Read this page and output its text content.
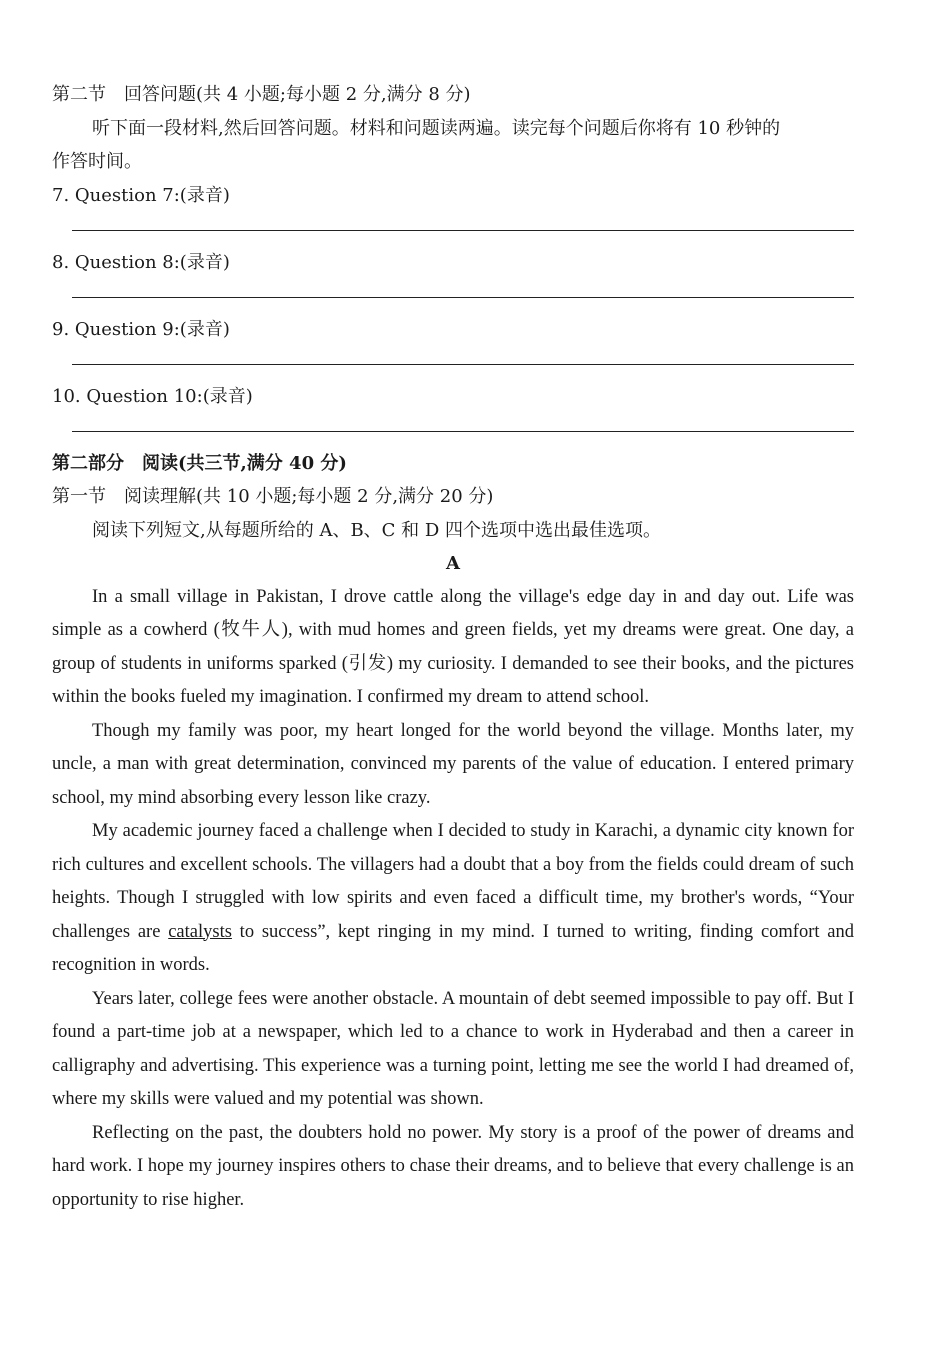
第二节　回答问题(共 4 小题;每小题 2 分,满分 8 分)
听下面一段材料,然后回答问题。材料和问题读两遍。读完每个问题后你将有 10 秒钟的
作答时间。
7. Question 7:(录音)
8. Question 8:(录音)
9. Question 9:(录音)
10. Question 10:(录音)
第二部分　阅读(共三节,满分 40 分)
第一节　阅读理解(共 10 小题;每小题 2 分,满分 20 分)
阅读下列短文,从每题所给的 A、B、C 和 D 四个选项中选出最佳选项。
A

In a small village in Pakistan, I drove cattle along the village's edge day in and day out. Life was simple as a cowherd (牧牛人), with mud homes and green fields, yet my dreams were great. One day, a group of students in uniforms sparked (引发) my curiosity. I demanded to see their books, and the pictures within the books fueled my imagination. I confirmed my dream to attend school.

Though my family was poor, my heart longed for the world beyond the village. Months later, my uncle, a man with great determination, convinced my parents of the value of education. I entered primary school, my mind absorbing every lesson like crazy.

My academic journey faced a challenge when I decided to study in Karachi, a dynamic city known for rich cultures and excellent schools. The villagers had a doubt that a boy from the fields could dream of such heights. Though I struggled with low spirits and even faced a difficult time, my brother's words, “Your challenges are catalysts to success”, kept ringing in my mind. I turned to writing, finding comfort and recognition in words.

Years later, college fees were another obstacle. A mountain of debt seemed impossible to pay off. But I found a part-time job at a newspaper, which led to a chance to work in Hyderabad and then a career in calligraphy and advertising. This experience was a turning point, letting me see the world I had dreamed of, where my skills were valued and my potential was shown.

Reflecting on the past, the doubters hold no power. My story is a proof of the power of dreams and hard work. I hope my journey inspires others to chase their dreams, and to believe that every challenge is an opportunity to rise higher.
